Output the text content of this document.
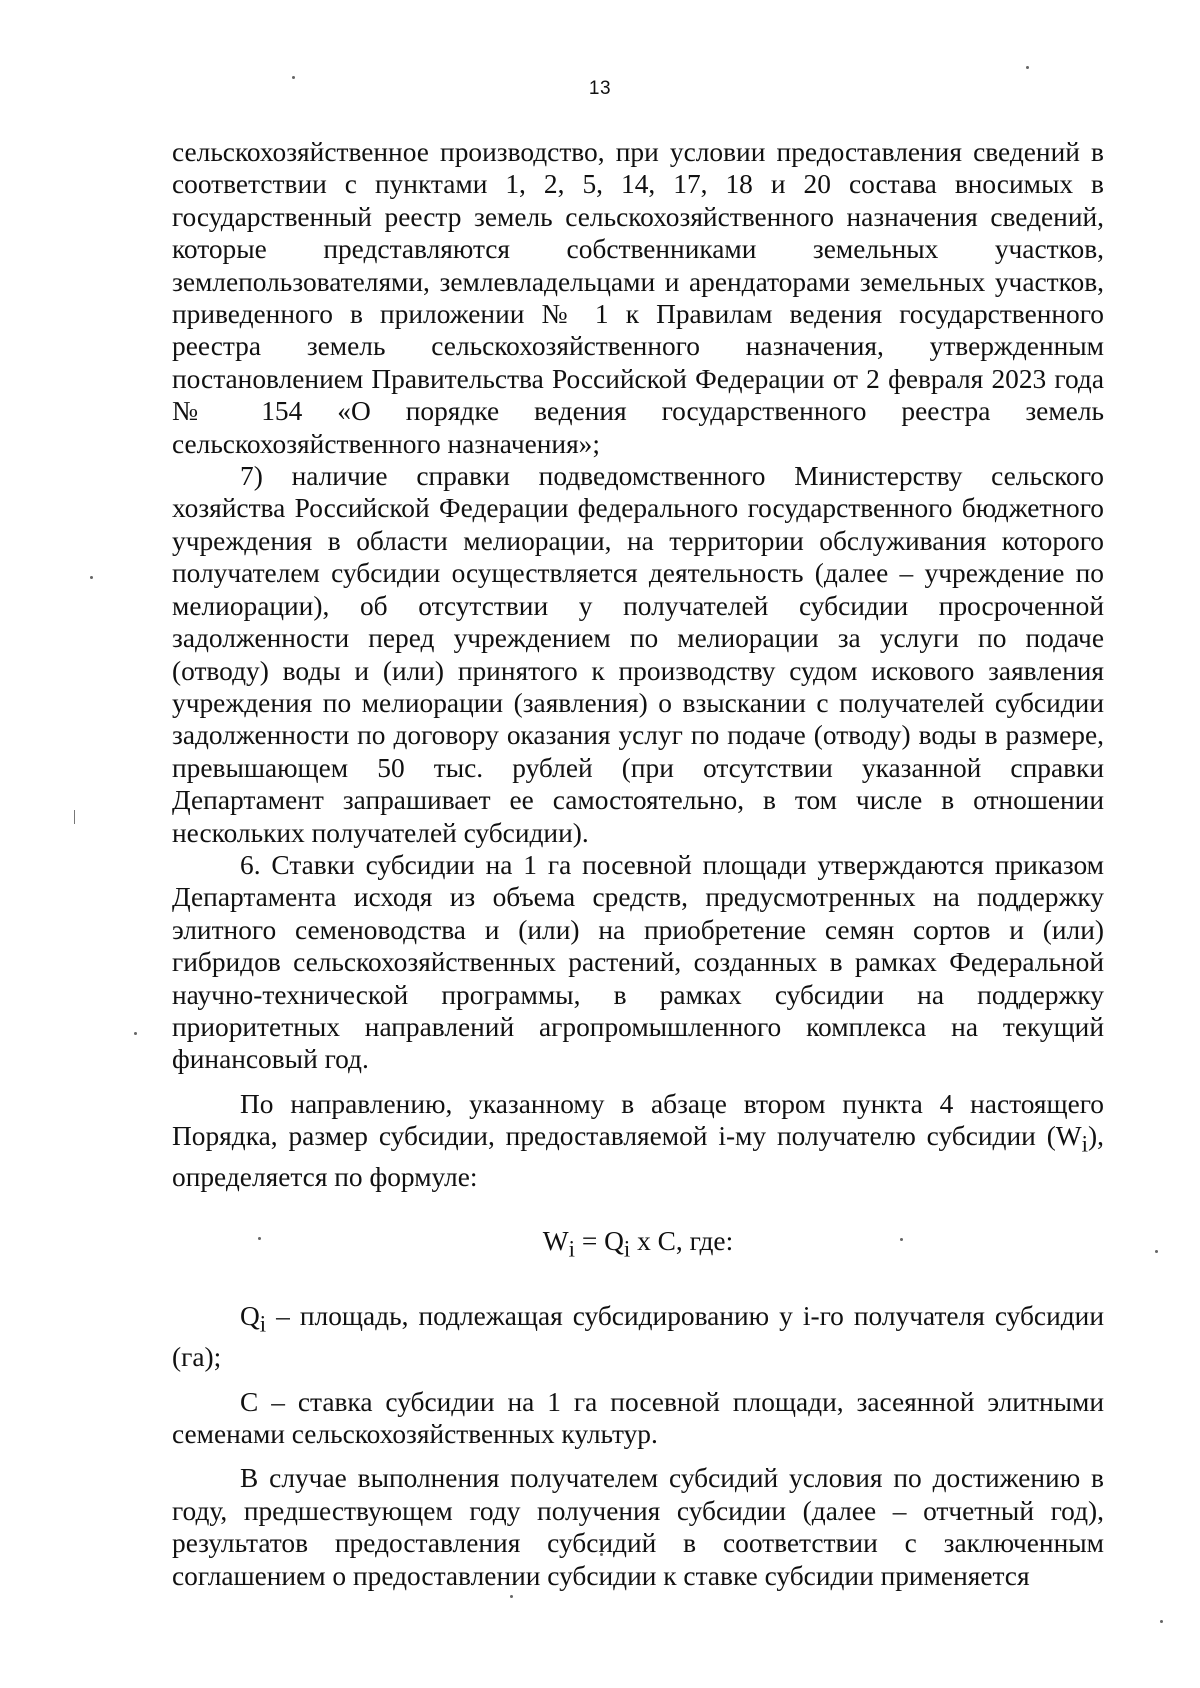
13

сельскохозяйственное производство, при условии предоставления сведений в соответствии с пунктами 1, 2, 5, 14, 17, 18 и 20 состава вносимых в государственный реестр земель сельскохозяйственного назначения сведений, которые представляются собственниками земельных участков, землепользователями, землевладельцами и арендаторами земельных участков, приведенного в приложении № 1 к Правилам ведения государственного реестра земель сельскохозяйственного назначения, утвержденным постановлением Правительства Российской Федерации от 2 февраля 2023 года № 154 «О порядке ведения государственного реестра земель сельскохозяйственного назначения»;

7) наличие справки подведомственного Министерству сельского хозяйства Российской Федерации федерального государственного бюджетного учреждения в области мелиорации, на территории обслуживания которого получателем субсидии осуществляется деятельность (далее – учреждение по мелиорации), об отсутствии у получателей субсидии просроченной задолженности перед учреждением по мелиорации за услуги по подаче (отводу) воды и (или) принятого к производству судом искового заявления учреждения по мелиорации (заявления) о взыскании с получателей субсидии задолженности по договору оказания услуг по подаче (отводу) воды в размере, превышающем 50 тыс. рублей (при отсутствии указанной справки Департамент запрашивает ее самостоятельно, в том числе в отношении нескольких получателей субсидии).

6. Ставки субсидии на 1 га посевной площади утверждаются приказом Департамента исходя из объема средств, предусмотренных на поддержку элитного семеноводства и (или) на приобретение семян сортов и (или) гибридов сельскохозяйственных растений, созданных в рамках Федеральной научно-технической программы, в рамках субсидии на поддержку приоритетных направлений агропромышленного комплекса на текущий финансовый год.

По направлению, указанному в абзаце втором пункта 4 настоящего Порядка, размер субсидии, предоставляемой i-му получателю субсидии $(W_i)$, определяется по формуле:

$W_i = Q_i$ x C, где:

$Q_i$ – площадь, подлежащая субсидированию у i-го получателя субсидии (га);

C – ставка субсидии на 1 га посевной площади, засеянной элитными семенами сельскохозяйственных культур.

В случае выполнения получателем субсидий условия по достижению в году, предшествующем году получения субсидии (далее – отчетный год), результатов предоставления субсидий в соответствии с заключенным соглашением о предоставлении субсидии к ставке субсидии применяется
